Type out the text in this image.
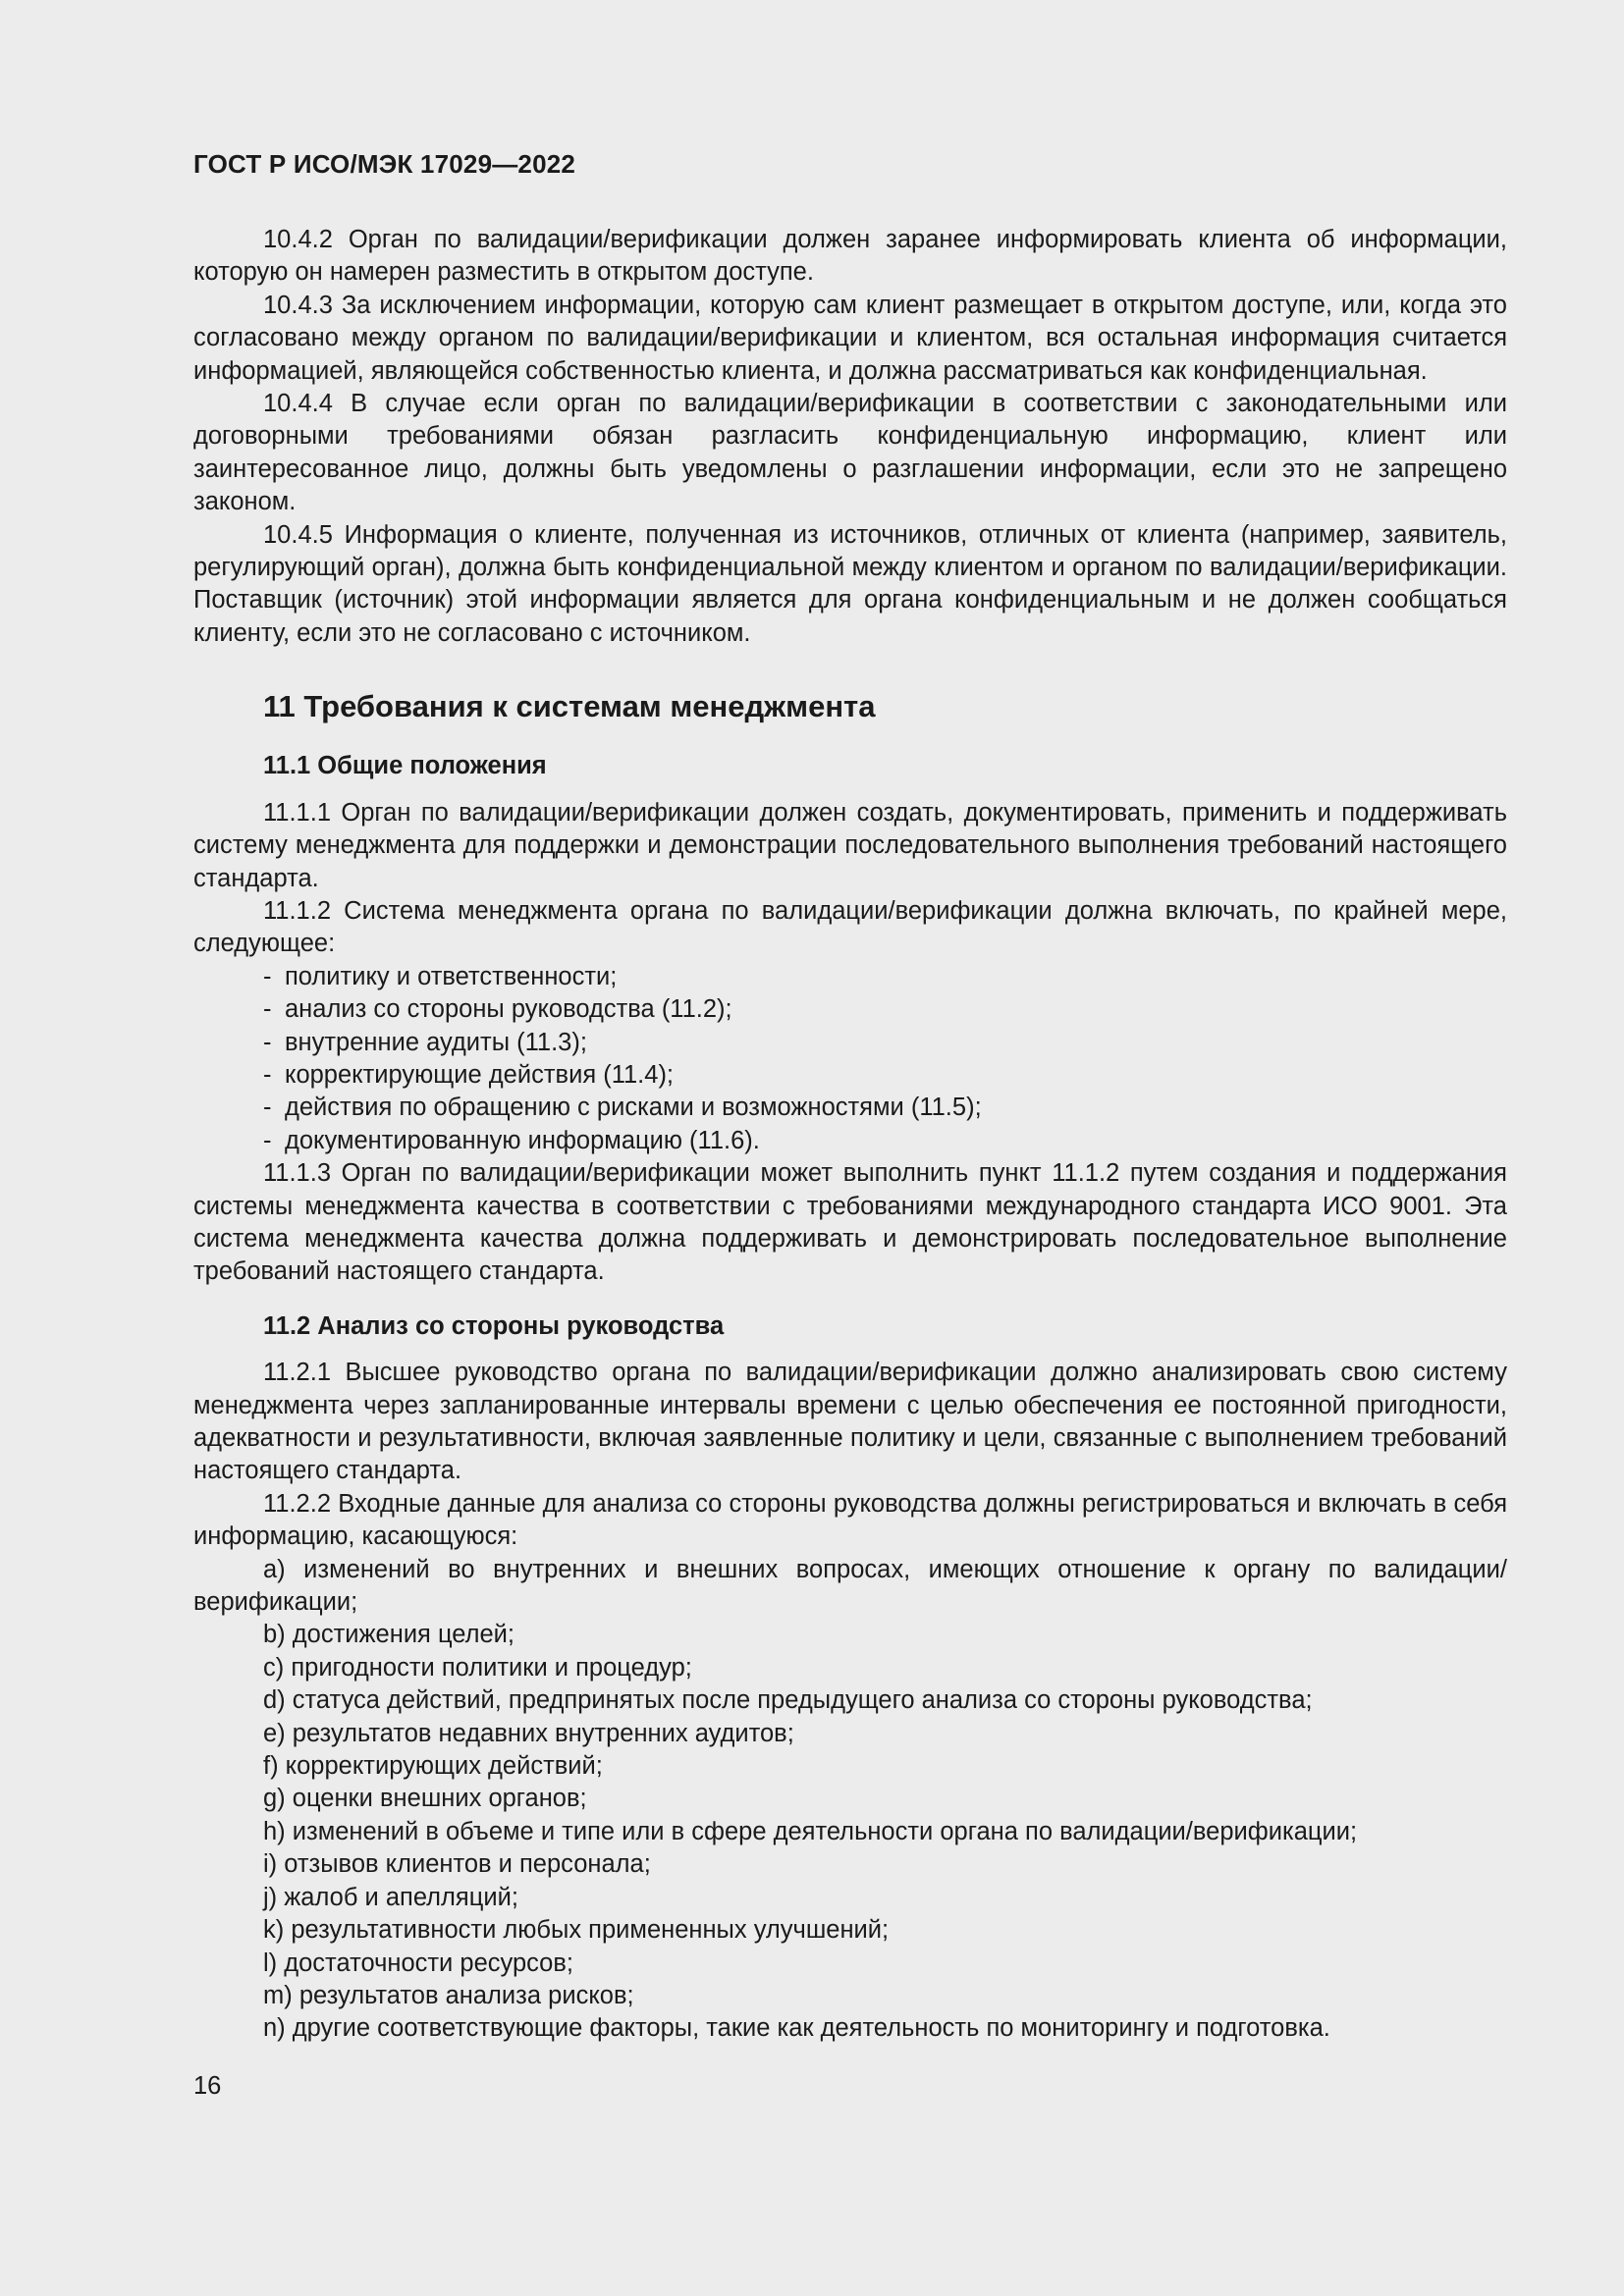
ГОСТ Р ИСО/МЭК 17029—2022

10.4.2 Орган по валидации/верификации должен заранее информировать клиента об информации, которую он намерен разместить в открытом доступе.

10.4.3 За исключением информации, которую сам клиент размещает в открытом доступе, или, когда это согласовано между органом по валидации/верификации и клиентом, вся остальная информация считается информацией, являющейся собственностью клиента, и должна рассматриваться как конфиденциальная.

10.4.4 В случае если орган по валидации/верификации в соответствии с законодательными или договорными требованиями обязан разгласить конфиденциальную информацию, клиент или заинтересованное лицо, должны быть уведомлены о разглашении информации, если это не запрещено законом.

10.4.5 Информация о клиенте, полученная из источников, отличных от клиента (например, заявитель, регулирующий орган), должна быть конфиденциальной между клиентом и органом по валидации/верификации. Поставщик (источник) этой информации является для органа конфиденциальным и не должен сообщаться клиенту, если это не согласовано с источником.

11 Требования к системам менеджмента
11.1 Общие положения

11.1.1 Орган по валидации/верификации должен создать, документировать, применить и поддерживать систему менеджмента для поддержки и демонстрации последовательного выполнения требований настоящего стандарта.

11.1.2 Система менеджмента органа по валидации/верификации должна включать, по крайней мере, следующее:

- политику и ответственности;
- анализ со стороны руководства (11.2);
- внутренние аудиты (11.3);
- корректирующие действия (11.4);
- действия по обращению с рисками и возможностями (11.5);
- документированную информацию (11.6).

11.1.3 Орган по валидации/верификации может выполнить пункт 11.1.2 путем создания и поддержания системы менеджмента качества в соответствии с требованиями международного стандарта ИСО 9001. Эта система менеджмента качества должна поддерживать и демонстрировать последовательное выполнение требований настоящего стандарта.

11.2 Анализ со стороны руководства

11.2.1 Высшее руководство органа по валидации/верификации должно анализировать свою систему менеджмента через запланированные интервалы времени с целью обеспечения ее постоянной пригодности, адекватности и результативности, включая заявленные политику и цели, связанные с выполнением требований настоящего стандарта.

11.2.2 Входные данные для анализа со стороны руководства должны регистрироваться и включать в себя информацию, касающуюся:

a) изменений во внутренних и внешних вопросах, имеющих отношение к органу по валидации/верификации;

b) достижения целей;

c) пригодности политики и процедур;

d) статуса действий, предпринятых после предыдущего анализа со стороны руководства;

e) результатов недавних внутренних аудитов;

f) корректирующих действий;

g) оценки внешних органов;

h) изменений в объеме и типе или в сфере деятельности органа по валидации/верификации;

i) отзывов клиентов и персонала;

j) жалоб и апелляций;

k) результативности любых примененных улучшений;

l) достаточности ресурсов;

m) результатов анализа рисков;

n) другие соответствующие факторы, такие как деятельность по мониторингу и подготовка.

16
